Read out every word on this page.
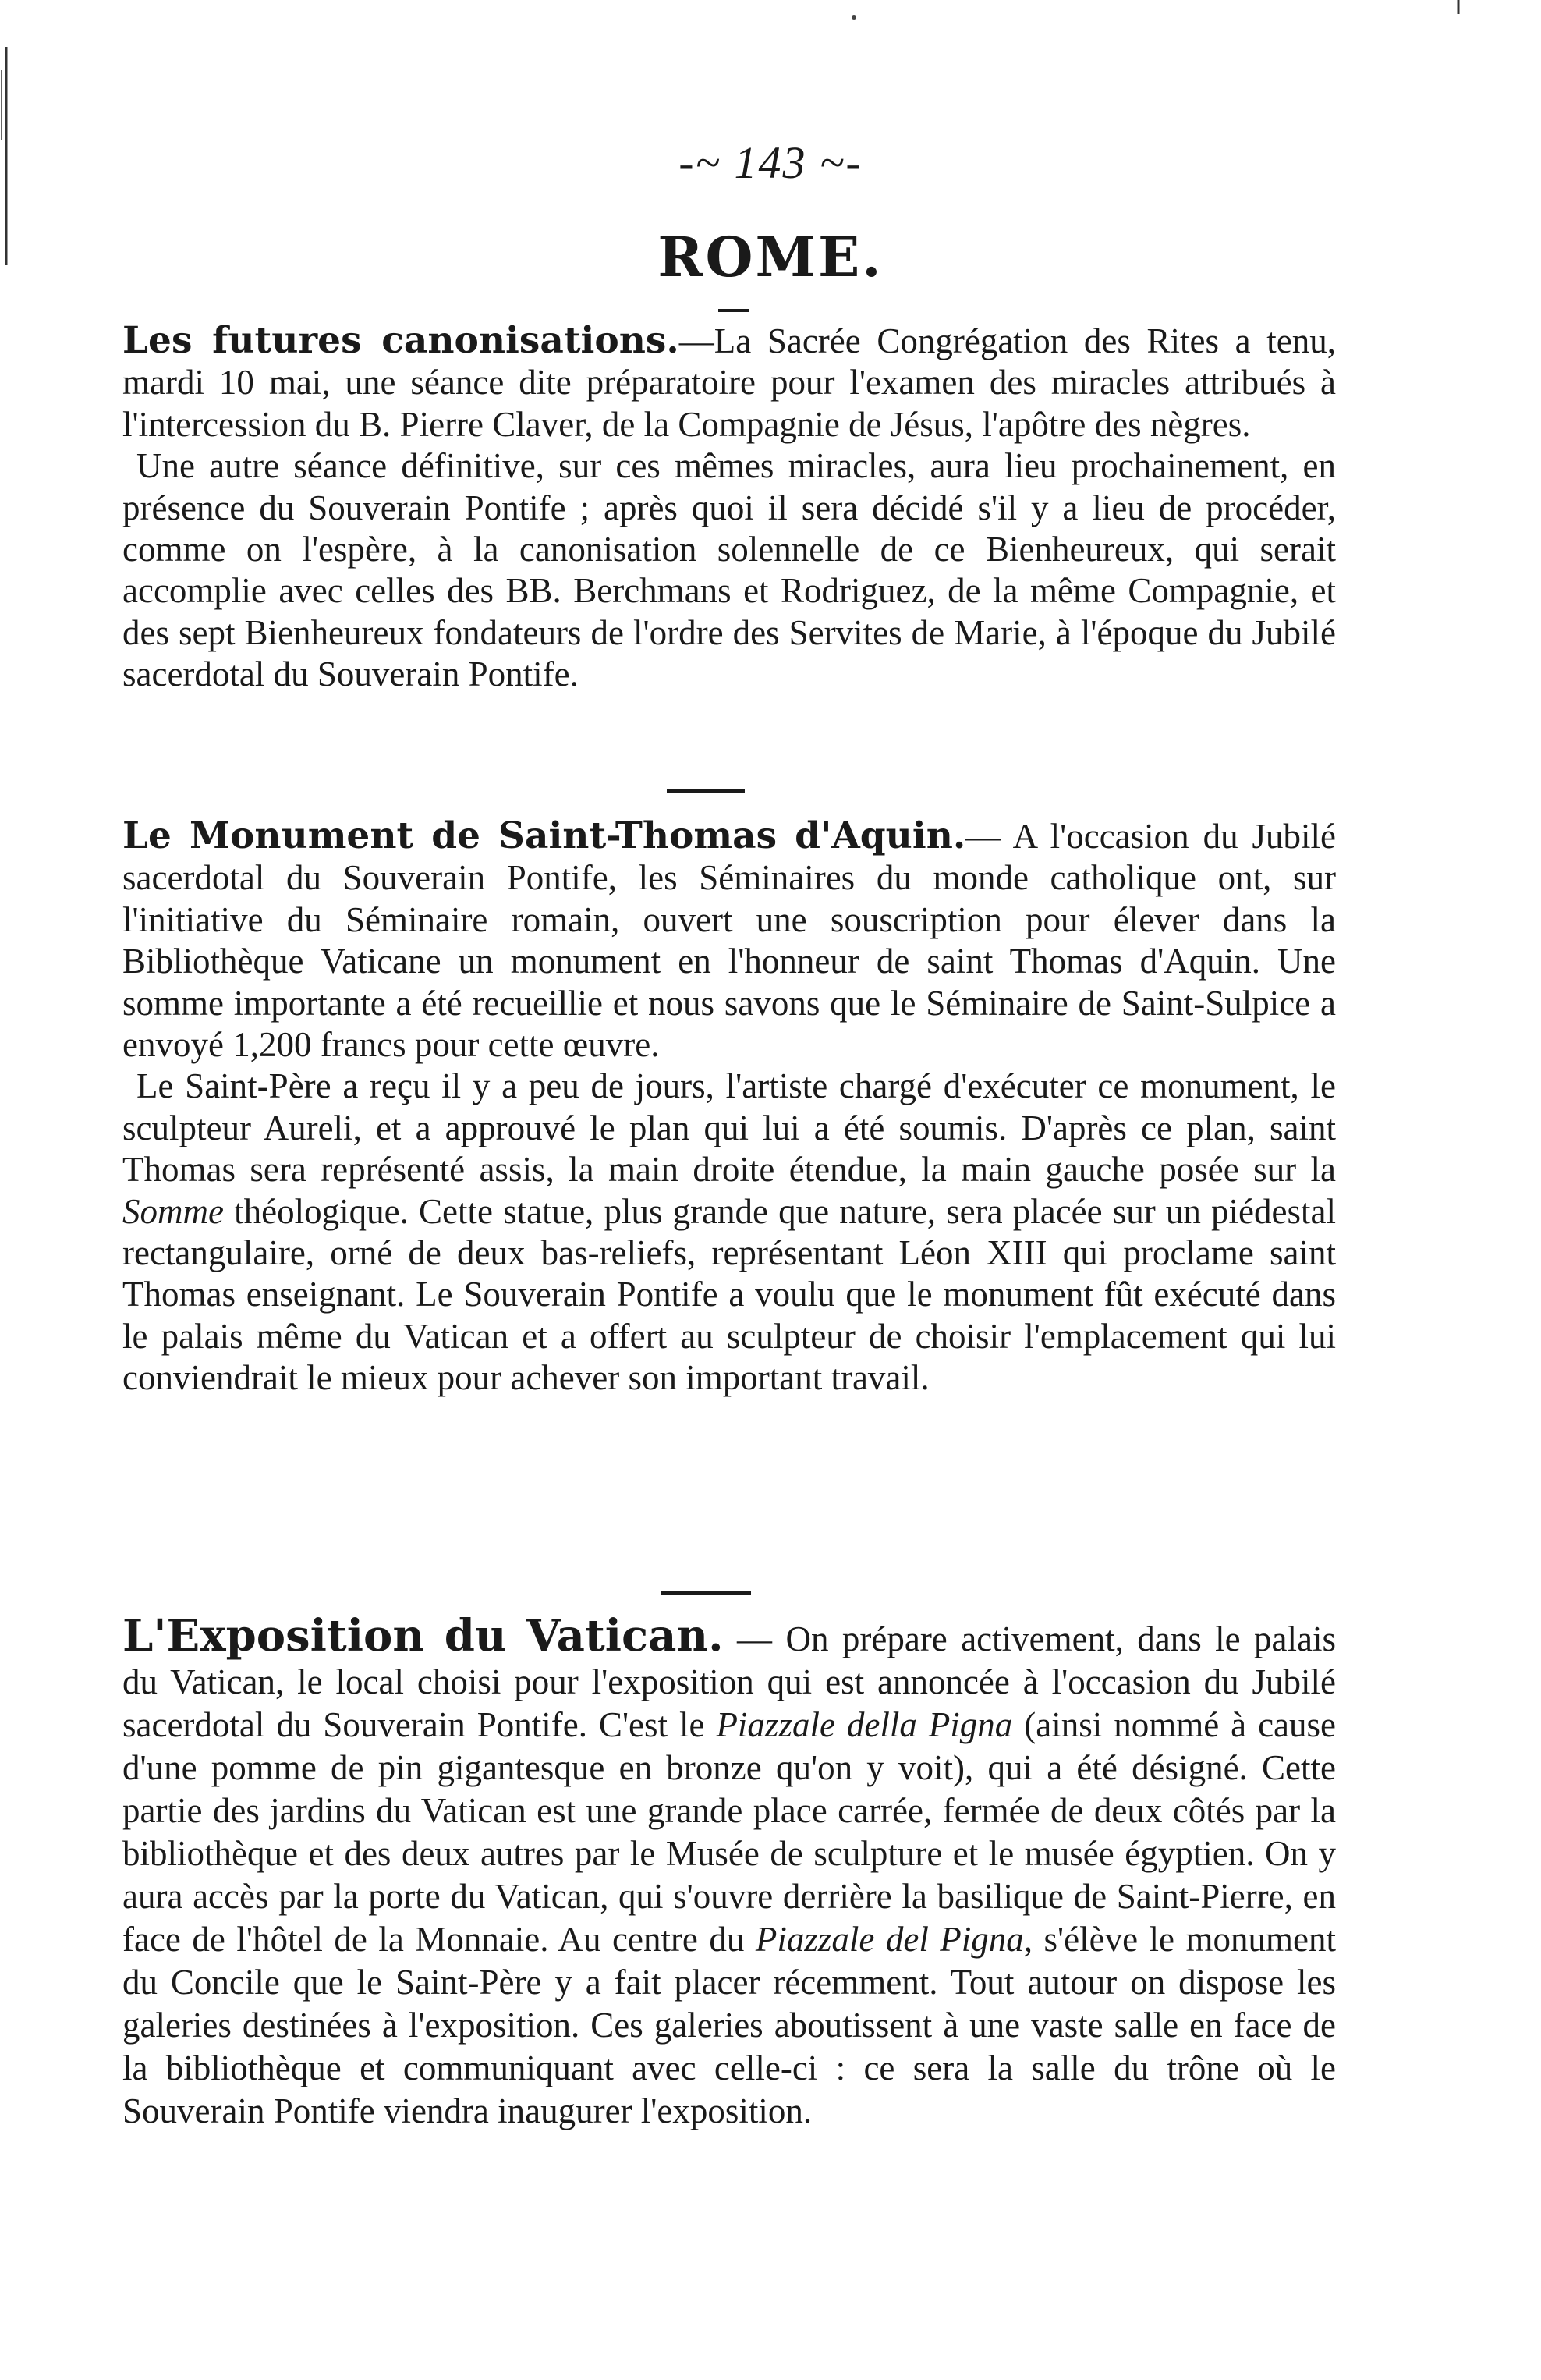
-~ 143 ~-
ROME.

Les futures canonisations.—La Sacrée Congrégation des Rites a tenu, mardi 10 mai, une séance dite préparatoire pour l'examen des miracles attribués à l'intercession du B. Pierre Claver, de la Compagnie de Jésus, l'apôtre des nègres.

Une autre séance définitive, sur ces mêmes miracles, aura lieu prochainement, en présence du Souverain Pontife ; après quoi il sera décidé s'il y a lieu de procéder, comme on l'espère, à la canonisation solennelle de ce Bienheureux, qui serait accomplie avec celles des BB. Berchmans et Rodriguez, de la même Compagnie, et des sept Bienheureux fondateurs de l'ordre des Servites de Marie, à l'époque du Jubilé sacerdotal du Souverain Pontife.

Le Monument de Saint-Thomas d'Aquin.— A l'occasion du Jubilé sacerdotal du Souverain Pontife, les Séminaires du monde catholique ont, sur l'initiative du Séminaire romain, ouvert une souscription pour élever dans la Bibliothèque Vaticane un monument en l'honneur de saint Thomas d'Aquin. Une somme importante a été recueillie et nous savons que le Séminaire de Saint-Sulpice a envoyé 1,200 francs pour cette œuvre.

Le Saint-Père a reçu il y a peu de jours, l'artiste chargé d'exécuter ce monument, le sculpteur Aureli, et a approuvé le plan qui lui a été soumis. D'après ce plan, saint Thomas sera représenté assis, la main droite étendue, la main gauche posée sur la Somme théologique. Cette statue, plus grande que nature, sera placée sur un piédestal rectangulaire, orné de deux bas-reliefs, représentant Léon XIII qui proclame saint Thomas enseignant. Le Souverain Pontife a voulu que le monument fût exécuté dans le palais même du Vatican et a offert au sculpteur de choisir l'emplacement qui lui conviendrait le mieux pour achever son important travail.

L'Exposition du Vatican. — On prépare activement, dans le palais du Vatican, le local choisi pour l'exposition qui est annoncée à l'occasion du Jubilé sacerdotal du Souverain Pontife. C'est le Piazzale della Pigna (ainsi nommé à cause d'une pomme de pin gigantesque en bronze qu'on y voit), qui a été désigné. Cette partie des jardins du Vatican est une grande place carrée, fermée de deux côtés par la bibliothèque et des deux autres par le Musée de sculpture et le musée égyptien. On y aura accès par la porte du Vatican, qui s'ouvre derrière la basilique de Saint-Pierre, en face de l'hôtel de la Monnaie. Au centre du Piazzale del Pigna, s'élève le monument du Concile que le Saint-Père y a fait placer récemment. Tout autour on dispose les galeries destinées à l'exposition. Ces galeries aboutissent à une vaste salle en face de la bibliothèque et communiquant avec celle-ci : ce sera la salle du trône où le Souverain Pontife viendra inaugurer l'exposition.
